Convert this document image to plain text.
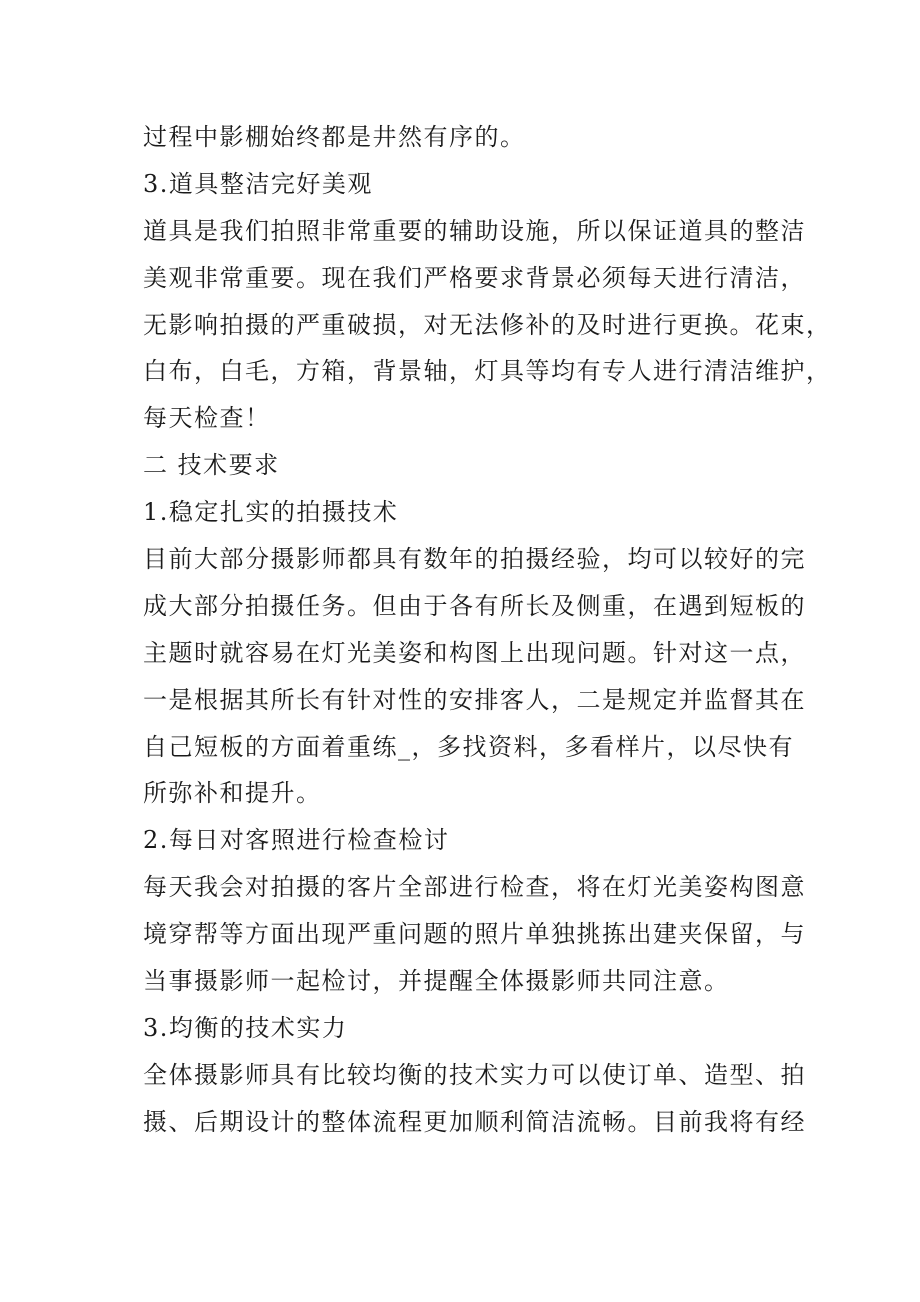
过程中影棚始终都是井然有序的。
3.道具整洁完好美观
道具是我们拍照非常重要的辅助设施，所以保证道具的整洁
美观非常重要。现在我们严格要求背景必须每天进行清洁，
无影响拍摄的严重破损，对无法修补的及时进行更换。花束，
白布，白毛，方箱，背景轴，灯具等均有专人进行清洁维护，
每天检查！
二 技术要求
1.稳定扎实的拍摄技术
目前大部分摄影师都具有数年的拍摄经验，均可以较好的完
成大部分拍摄任务。但由于各有所长及侧重，在遇到短板的
主题时就容易在灯光美姿和构图上出现问题。针对这一点，
一是根据其所长有针对性的安排客人，二是规定并监督其在
自己短板的方面着重练_，多找资料，多看样片，以尽快有
所弥补和提升。
2.每日对客照进行检查检讨
每天我会对拍摄的客片全部进行检查，将在灯光美姿构图意
境穿帮等方面出现严重问题的照片单独挑拣出建夹保留，与
当事摄影师一起检讨，并提醒全体摄影师共同注意。
3.均衡的技术实力
全体摄影师具有比较均衡的技术实力可以使订单、造型、拍
摄、后期设计的整体流程更加顺利简洁流畅。目前我将有经
